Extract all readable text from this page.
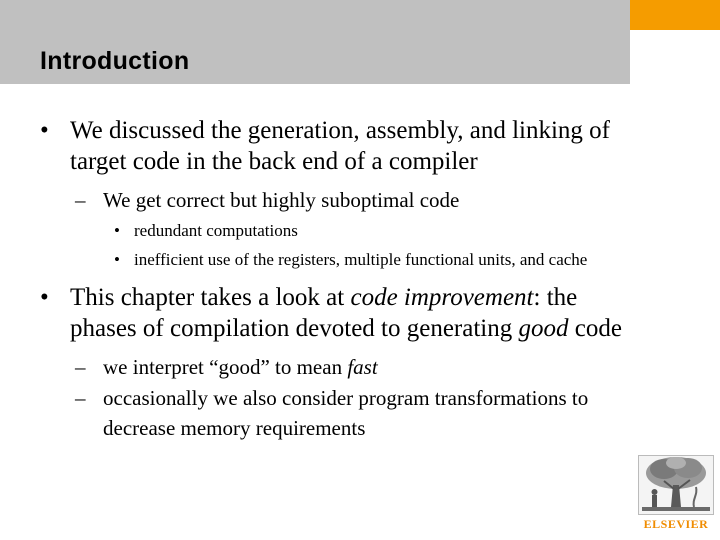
Introduction
• We discussed the generation, assembly, and linking of
target code in the back end of a compiler
– We get correct but highly suboptimal code
• redundant computations
• inefficient use of the registers, multiple functional units, and cache
• This chapter takes a look at code improvement: the
phases of compilation devoted to generating good code
– we interpret “good” to mean fast
– occasionally we also consider program transformations to
decrease memory requirements
ELSEVIER
